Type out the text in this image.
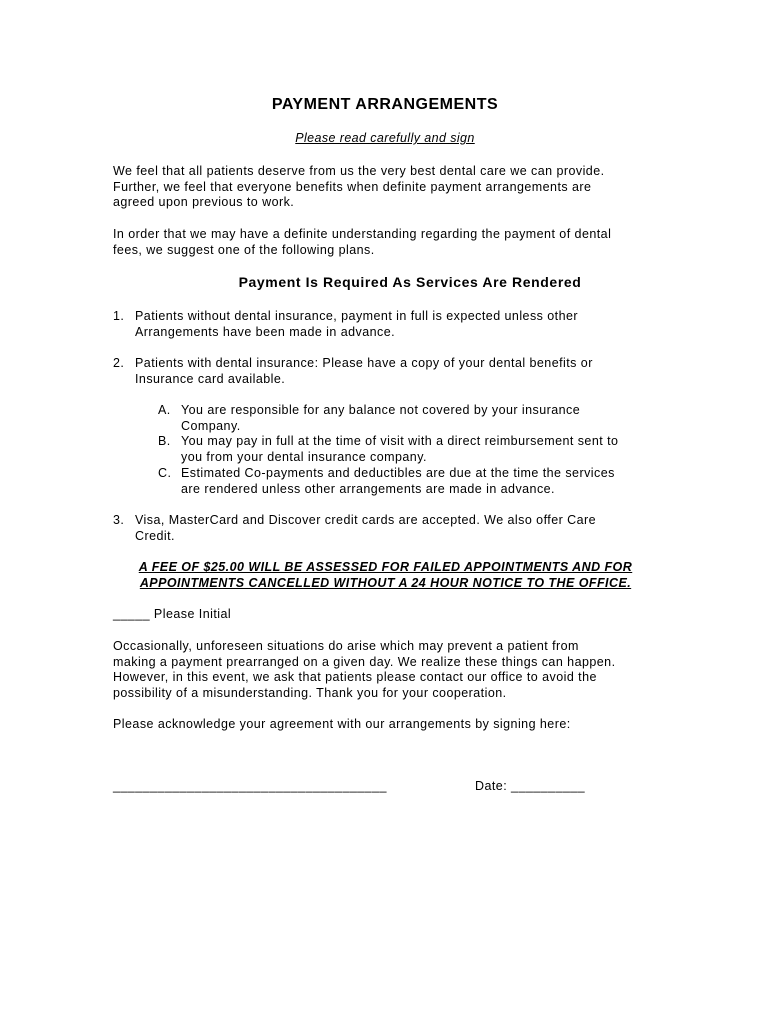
PAYMENT ARRANGEMENTS
Please read carefully and sign
We feel that all patients deserve from us the very best dental care we can provide.
Further, we feel that everyone benefits when definite payment arrangements are
agreed upon previous to work.
In order that we may have a definite understanding regarding the payment of dental
fees, we suggest one of the following plans.
Payment Is Required As Services Are Rendered
1. Patients without dental insurance, payment in full is expected unless other
Arrangements have been made in advance.
2. Patients with dental insurance: Please have a copy of your dental benefits or
Insurance card available.
A. You are responsible for any balance not covered by your insurance
Company.
B. You may pay in full at the time of visit with a direct reimbursement sent to
you from your dental insurance company.
C. Estimated Co-payments and deductibles are due at the time the services
are rendered unless other arrangements are made in advance.
3. Visa, MasterCard and Discover credit cards are accepted. We also offer Care
Credit.
A FEE OF $25.00 WILL BE ASSESSED FOR FAILED APPOINTMENTS AND FOR
APPOINTMENTS CANCELLED WITHOUT A 24 HOUR NOTICE TO THE OFFICE.
_____ Please Initial
Occasionally, unforeseen situations do arise which may prevent a patient from
making a payment prearranged on a given day. We realize these things can happen.
However, in this event, we ask that patients please contact our office to avoid the
possibility of a misunderstanding. Thank you for your cooperation.
Please acknowledge your agreement with our arrangements by signing here:
_____________________________________	Date: __________
